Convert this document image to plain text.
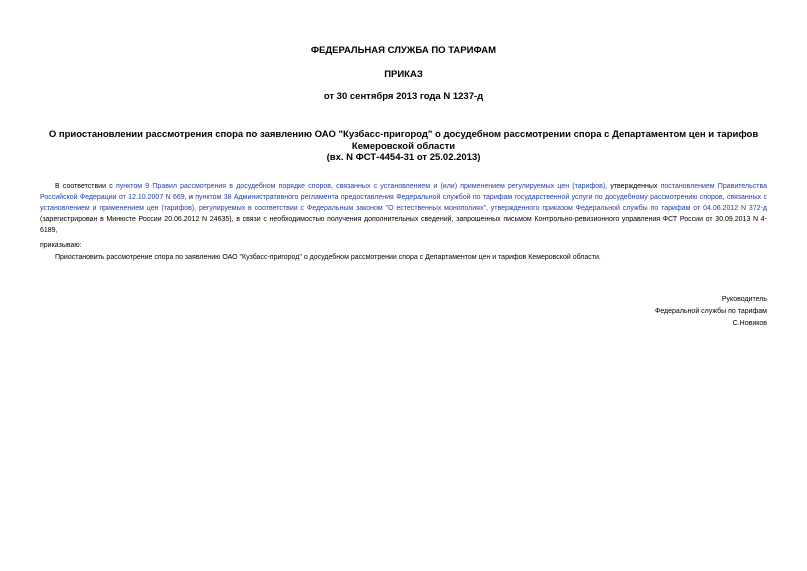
ФЕДЕРАЛЬНАЯ СЛУЖБА ПО ТАРИФАМ
ПРИКАЗ
от 30 сентября 2013 года N 1237-д
О приостановлении рассмотрения спора по заявлению ОАО "Кузбасс-пригород" о досудебном рассмотрении спора с Департаментом цен и тарифов Кемеровской области
(вх. N ФСТ-4454-31 от 25.02.2013)
В соответствии с пунктом 9 Правил рассмотрения в досудебном порядке споров, связанных с установлением и (или) применением регулируемых цен (тарифов), утвержденных постановлением Правительства Российской Федерации от 12.10.2007 N 669, и пунктом 38 Административного регламента предоставления Федеральной службой по тарифам государственной услуги по досудебному рассмотрению споров, связанных с установлением и применением цен (тарифов), регулируемых в соответствии с Федеральным законом "О естественных монополиях", утвержденного приказом Федеральной службы по тарифам от 04.06.2012 N 372-д (зарегистрирован в Минюсте России 20.06.2012 N 24635), в связи с необходимостью получения дополнительных сведений, запрошенных письмом Контрольно-ревизионного управления ФСТ России от 30.09.2013 N 4-6189,
приказываю:
Приостановить рассмотрение спора по заявлению ОАО "Кузбасс-пригород" о досудебном рассмотрении спора с Департаментом цен и тарифов Кемеровской области.
Руководитель
Федеральной службы по тарифам
С.Новиков
